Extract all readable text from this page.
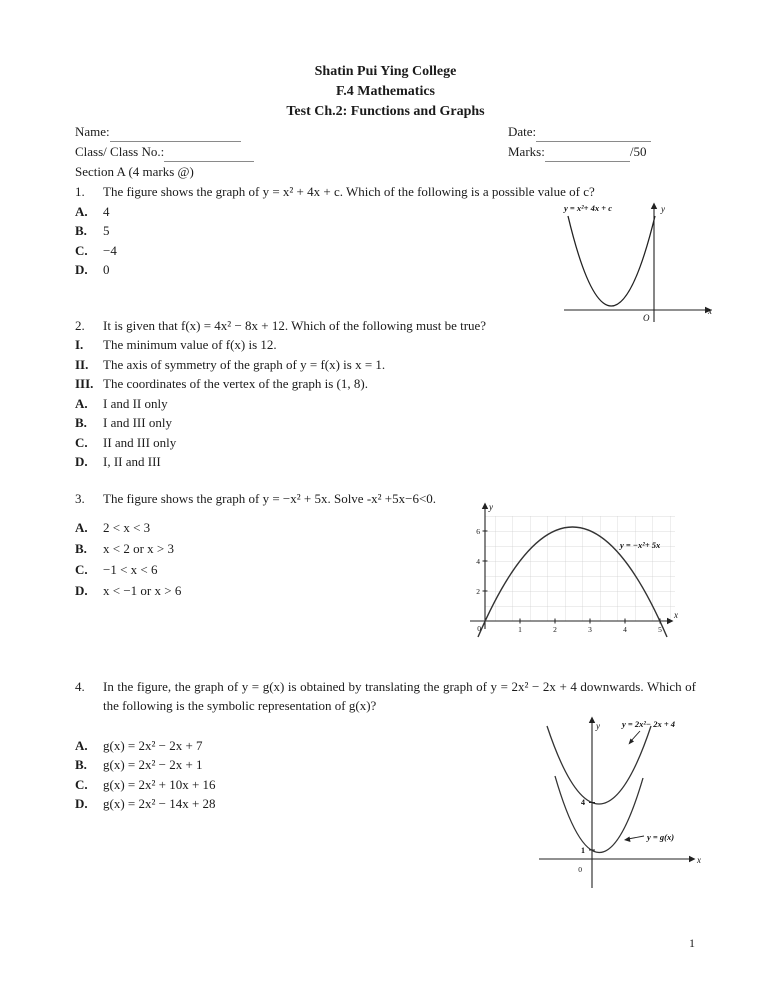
Shatin Pui Ying College
F.4 Mathematics
Test Ch.2: Functions and Graphs
Name:	Date:
Class/ Class No.:	Marks:	/50
Section A (4 marks @)
1.	The figure shows the graph of y = x² + 4x + c. Which of the following is a possible value of c?
A.	4
B.	5
C.	−4
D.	0
y = x²+ 4x + c	y
x
O
2.	It is given that f(x) = 4x² − 8x + 12. Which of the following must be true?
I.	The minimum value of f(x) is 12.
II.	The axis of symmetry of the graph of y = f(x) is x = 1.
III. The coordinates of the vertex of the graph is (1, 8).
A.	I and II only
B.	I and III only
C.	II and III only
D.	I, II and III
3.	The figure shows the graph of y = −x² + 5x. Solve -x² +5x−6<0.
A.	2 < x < 3
B.	x < 2 or x > 3
C.	−1 < x < 6
D.	x < −1 or x > 6	2
4
6
1	2	3	4	5
0
y
x
y = −x²+ 5x
4.	In the figure, the graph of y = g(x) is obtained by translating the graph of y = 2x² − 2x + 4 downwards. Which of the following is the symbolic representation of g(x)?
A.	g(x) = 2x² − 2x + 7
B.	g(x) = 2x² − 2x + 1
C.	g(x) = 2x² + 10x + 16
D.	g(x) = 2x² − 14x + 28	4
1
y	y = 2x²− 2x + 4
y = g(x)
x
0
1
